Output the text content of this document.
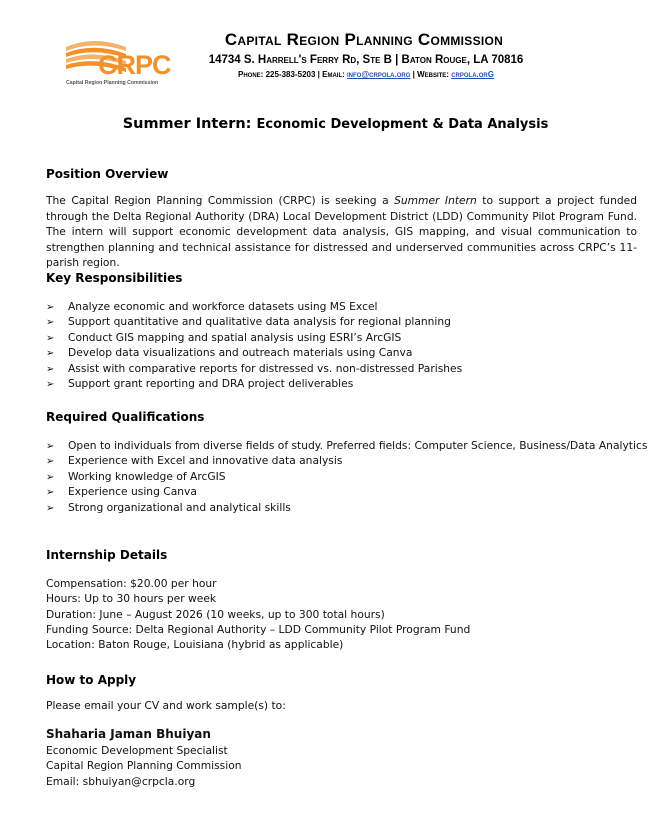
CRPC
Capital Region Planning Commission
Capital Region Planning Commission
14734 S. Harrell's Ferry Rd, Ste B | Baton Rouge, LA 70816
Phone: 225-383-5203 | Email: info@crpola.org | Website: crpola.orG
Summer Intern: Economic Development & Data Analysis
Position Overview
The Capital Region Planning Commission (CRPC) is seeking a Summer Intern to support a project funded through the Delta Regional Authority (DRA) Local Development District (LDD) Community Pilot Program Fund. The intern will support economic development data analysis, GIS mapping, and visual communication to strengthen planning and technical assistance for distressed and underserved communities across CRPC’s 11-parish region.
Key Responsibilities
➢ Analyze economic and workforce datasets using MS Excel
➢ Support quantitative and qualitative data analysis for regional planning
➢ Conduct GIS mapping and spatial analysis using ESRI’s ArcGIS
➢ Develop data visualizations and outreach materials using Canva
➢ Assist with comparative reports for distressed vs. non-distressed Parishes
➢ Support grant reporting and DRA project deliverables
Required Qualifications
➢ Open to individuals from diverse fields of study. Preferred fields: Computer Science, Business/Data Analytics
➢ Experience with Excel and innovative data analysis
➢ Working knowledge of ArcGIS
➢ Experience using Canva
➢ Strong organizational and analytical skills
Internship Details
Compensation: $20.00 per hour
Hours: Up to 30 hours per week
Duration: June – August 2026 (10 weeks, up to 300 total hours)
Funding Source: Delta Regional Authority – LDD Community Pilot Program Fund
Location: Baton Rouge, Louisiana (hybrid as applicable)
How to Apply
Please email your CV and work sample(s) to:
Shaharia Jaman Bhuiyan
Economic Development Specialist
Capital Region Planning Commission
Email: sbhuiyan@crpcla.org
